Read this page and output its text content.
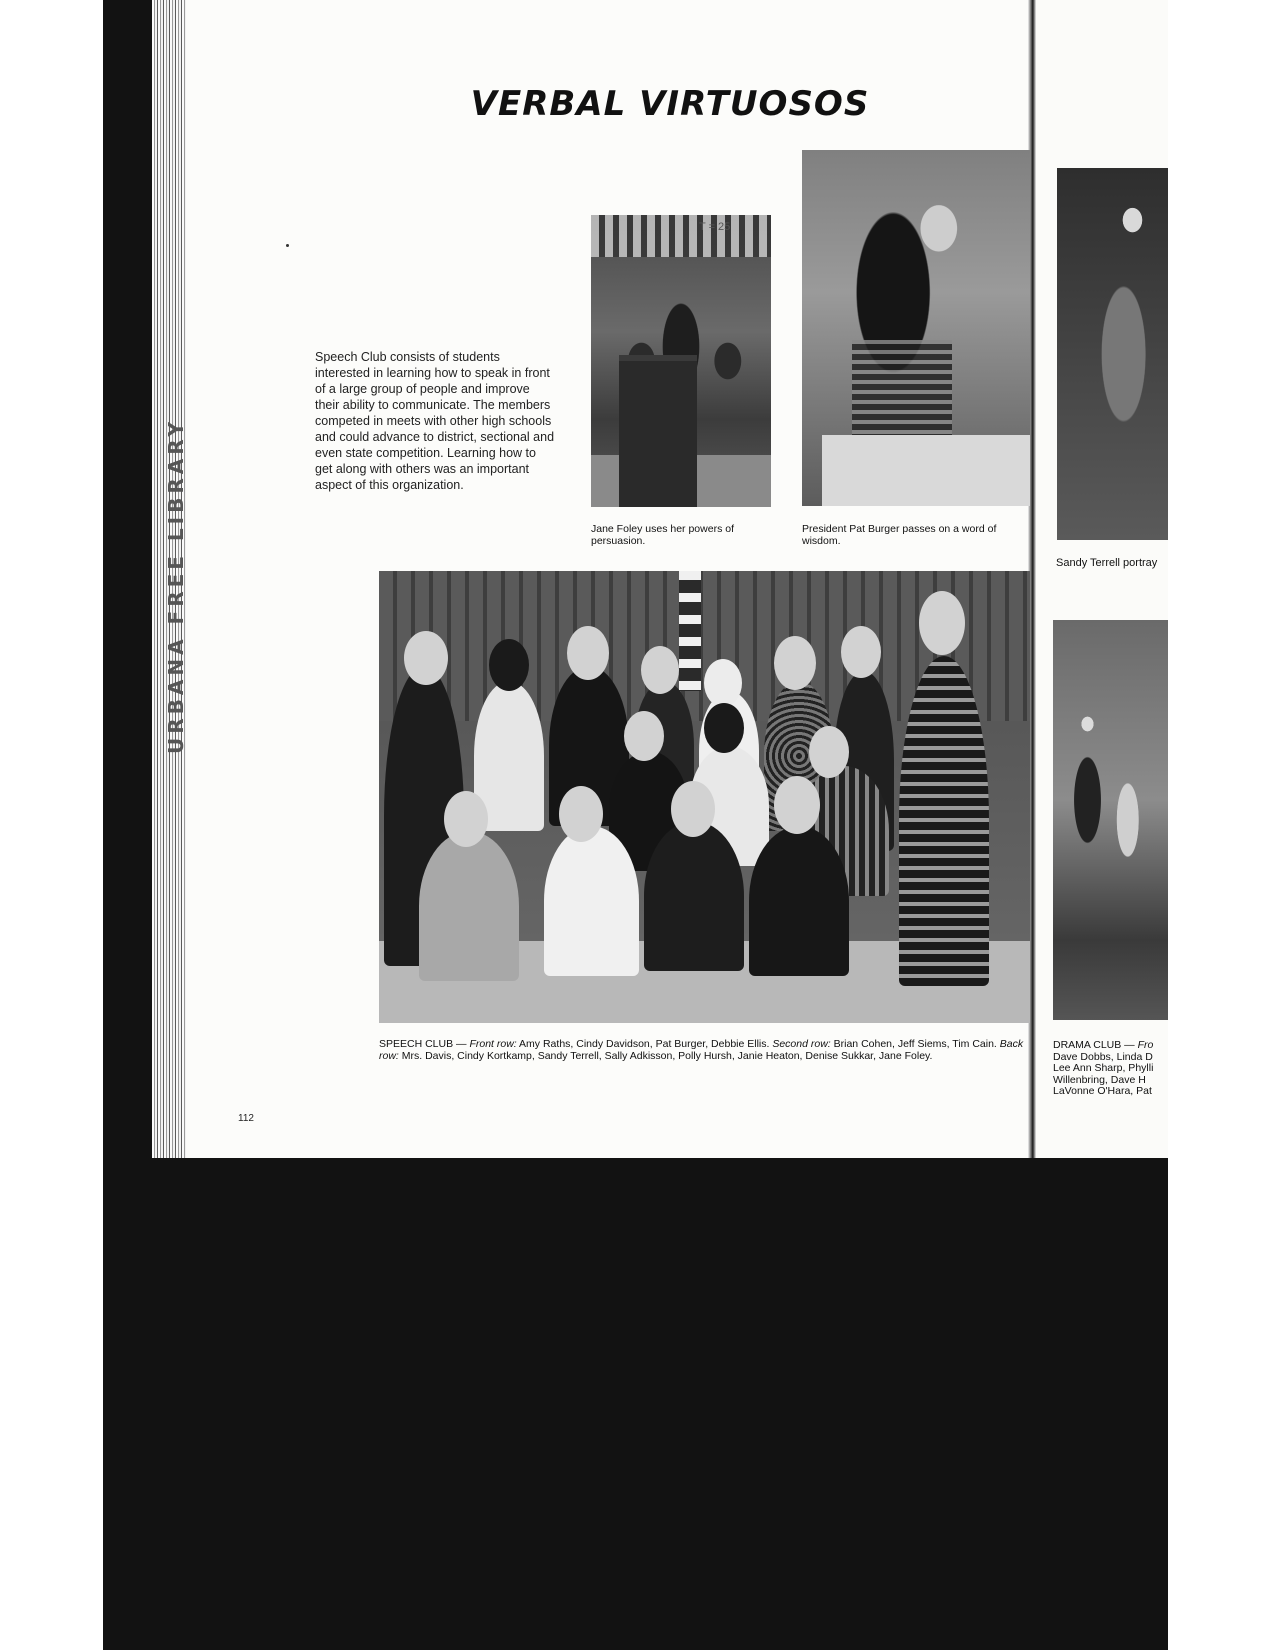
URBANA FREE LIBRARY
VERBAL VIRTUOSOS

Speech Club consists of students interested in learning how to speak in front of a large group of people and improve their ability to communicate. The members competed in meets with other high schools and could advance to district, sectional and even state competition. Learning how to get along with others was an important aspect of this organization.

T = 25
Jane Foley uses her powers of persuasion.
President Pat Burger passes on a word of wisdom.

SPEECH CLUB — Front row: Amy Raths, Cindy Davidson, Pat Burger, Debbie Ellis. Second row: Brian Cohen, Jeff Siems, Tim Cain. Back row: Mrs. Davis, Cindy Kortkamp, Sandy Terrell, Sally Adkisson, Polly Hursh, Janie Heaton, Denise Sukkar, Jane Foley.

Sandy Terrell portray
DRAMA CLUB — Fro
Dave Dobbs, Linda D
Lee Ann Sharp, Phylli
Willenbring, Dave H
LaVonne O'Hara, Pat
112
